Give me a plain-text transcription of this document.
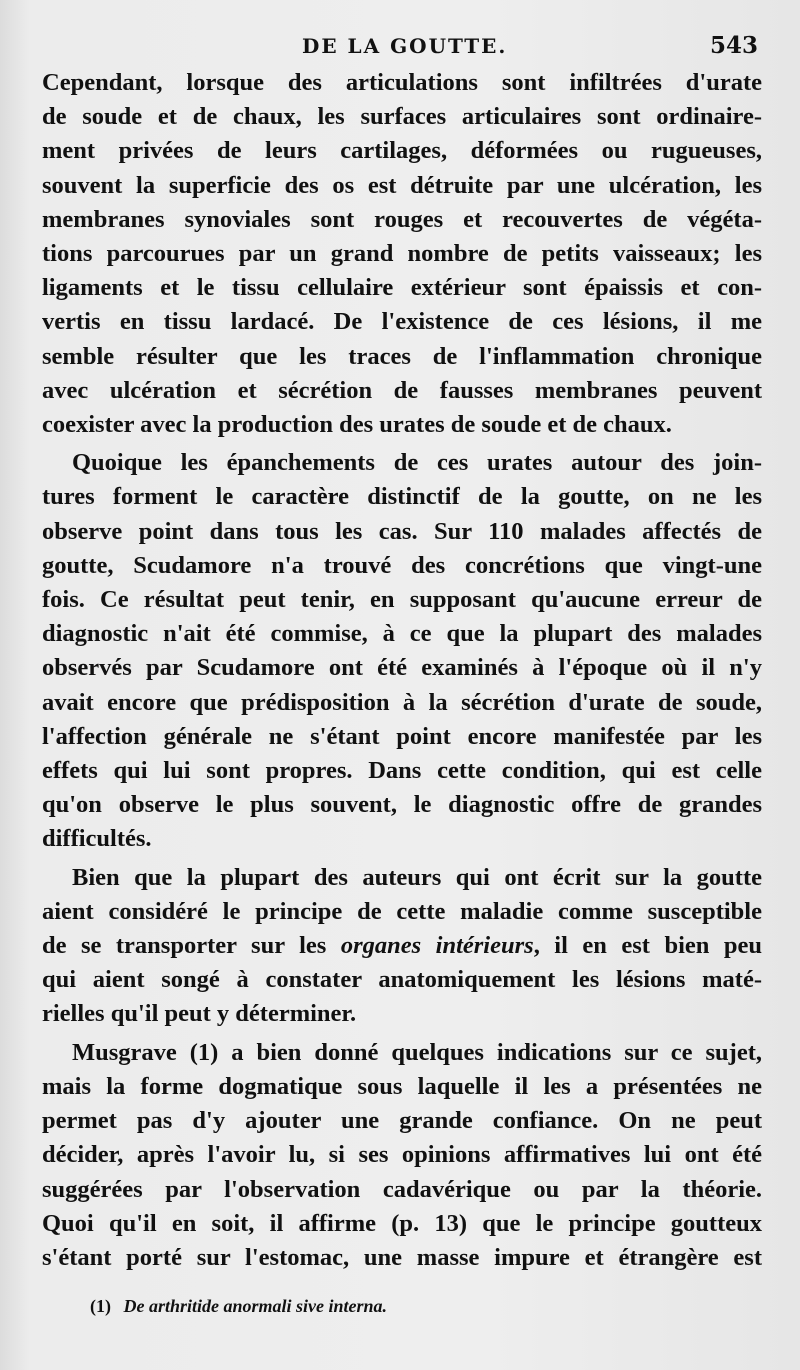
DE LA GOUTTE.	543
Cependant, lorsque des articulations sont infiltrées d'urate
de soude et de chaux, les surfaces articulaires sont ordinaire-
ment privées de leurs cartilages, déformées ou rugueuses,
souvent la superficie des os est détruite par une ulcération, les
membranes synoviales sont rouges et recouvertes de végéta-
tions parcourues par un grand nombre de petits vaisseaux; les
ligaments et le tissu cellulaire extérieur sont épaissis et con-
vertis en tissu lardacé. De l'existence de ces lésions, il me
semble résulter que les traces de l'inflammation chronique
avec ulcération et sécrétion de fausses membranes peuvent
coexister avec la production des urates de soude et de chaux.
Quoique les épanchements de ces urates autour des join-
tures forment le caractère distinctif de la goutte, on ne les
observe point dans tous les cas. Sur 110 malades affectés de
goutte, Scudamore n'a trouvé des concrétions que vingt-une
fois. Ce résultat peut tenir, en supposant qu'aucune erreur de
diagnostic n'ait été commise, à ce que la plupart des malades
observés par Scudamore ont été examinés à l'époque où il n'y
avait encore que prédisposition à la sécrétion d'urate de soude,
l'affection générale ne s'étant point encore manifestée par les
effets qui lui sont propres. Dans cette condition, qui est celle
qu'on observe le plus souvent, le diagnostic offre de grandes
difficultés.
Bien que la plupart des auteurs qui ont écrit sur la goutte
aient considéré le principe de cette maladie comme susceptible
de se transporter sur les organes intérieurs, il en est bien peu
qui aient songé à constater anatomiquement les lésions maté-
rielles qu'il peut y déterminer.
Musgrave (1) a bien donné quelques indications sur ce sujet,
mais la forme dogmatique sous laquelle il les a présentées ne
permet pas d'y ajouter une grande confiance. On ne peut
décider, après l'avoir lu, si ses opinions affirmatives lui ont été
suggérées par l'observation cadavérique ou par la théorie.
Quoi qu'il en soit, il affirme (p. 13) que le principe goutteux
s'étant porté sur l'estomac, une masse impure et étrangère est
(1) De arthritide anormali sive interna.
